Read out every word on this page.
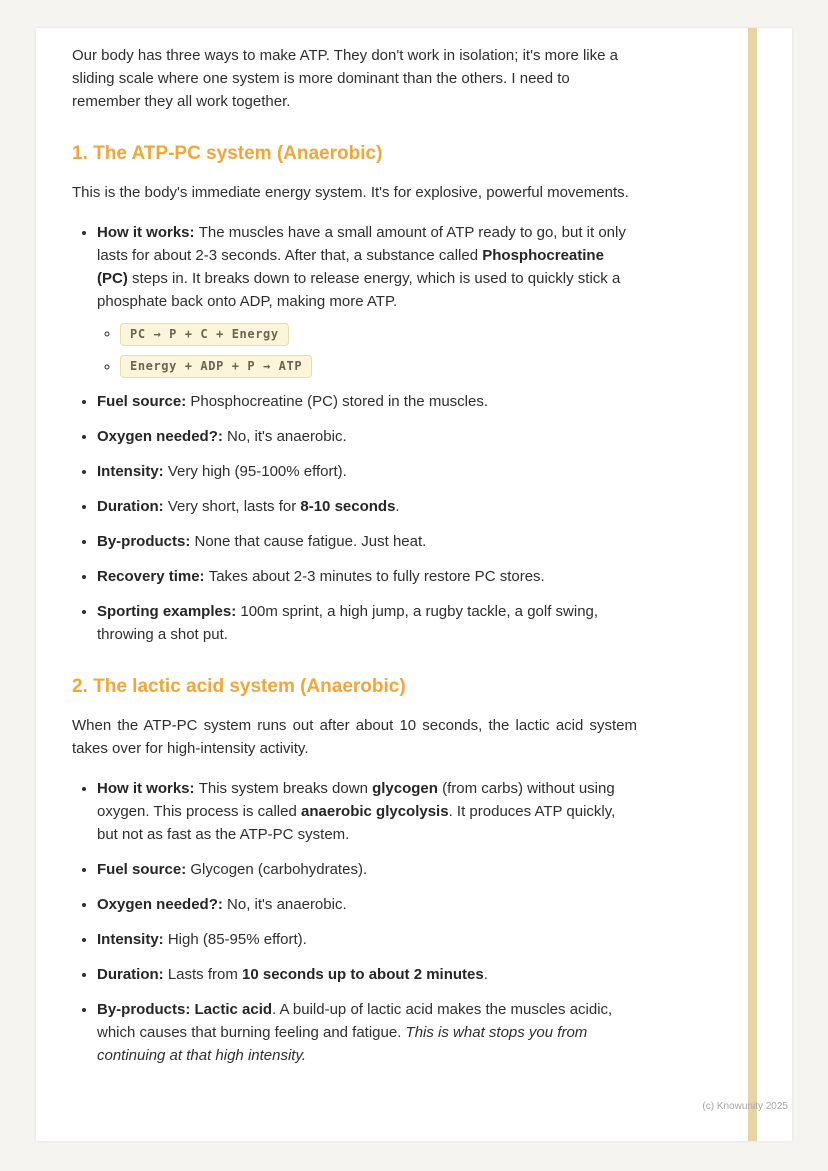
Our body has three ways to make ATP. They don't work in isolation; it's more like a sliding scale where one system is more dominant than the others. I need to remember they all work together.

1. The ATP-PC system (Anaerobic)

This is the body's immediate energy system. It's for explosive, powerful movements.

• How it works: The muscles have a small amount of ATP ready to go, but it only lasts for about 2-3 seconds. After that, a substance called Phosphocreatine (PC) steps in. It breaks down to release energy, which is used to quickly stick a phosphate back onto ADP, making more ATP.
◦ PC → P + C + Energy
◦ Energy + ADP + P → ATP
• Fuel source: Phosphocreatine (PC) stored in the muscles.
• Oxygen needed?: No, it's anaerobic.
• Intensity: Very high (95-100% effort).
• Duration: Very short, lasts for 8-10 seconds.
• By-products: None that cause fatigue. Just heat.
• Recovery time: Takes about 2-3 minutes to fully restore PC stores.
• Sporting examples: 100m sprint, a high jump, a rugby tackle, a golf swing, throwing a shot put.
2. The lactic acid system (Anaerobic)

When the ATP-PC system runs out after about 10 seconds, the lactic acid system takes over for high-intensity activity.

• How it works: This system breaks down glycogen (from carbs) without using oxygen. This process is called anaerobic glycolysis. It produces ATP quickly, but not as fast as the ATP-PC system.
• Fuel source: Glycogen (carbohydrates).
• Oxygen needed?: No, it's anaerobic.
• Intensity: High (85-95% effort).
• Duration: Lasts from 10 seconds up to about 2 minutes.
• By-products: Lactic acid. A build-up of lactic acid makes the muscles acidic, which causes that burning feeling and fatigue. This is what stops you from continuing at that high intensity.
(c) Knowunity 2025
